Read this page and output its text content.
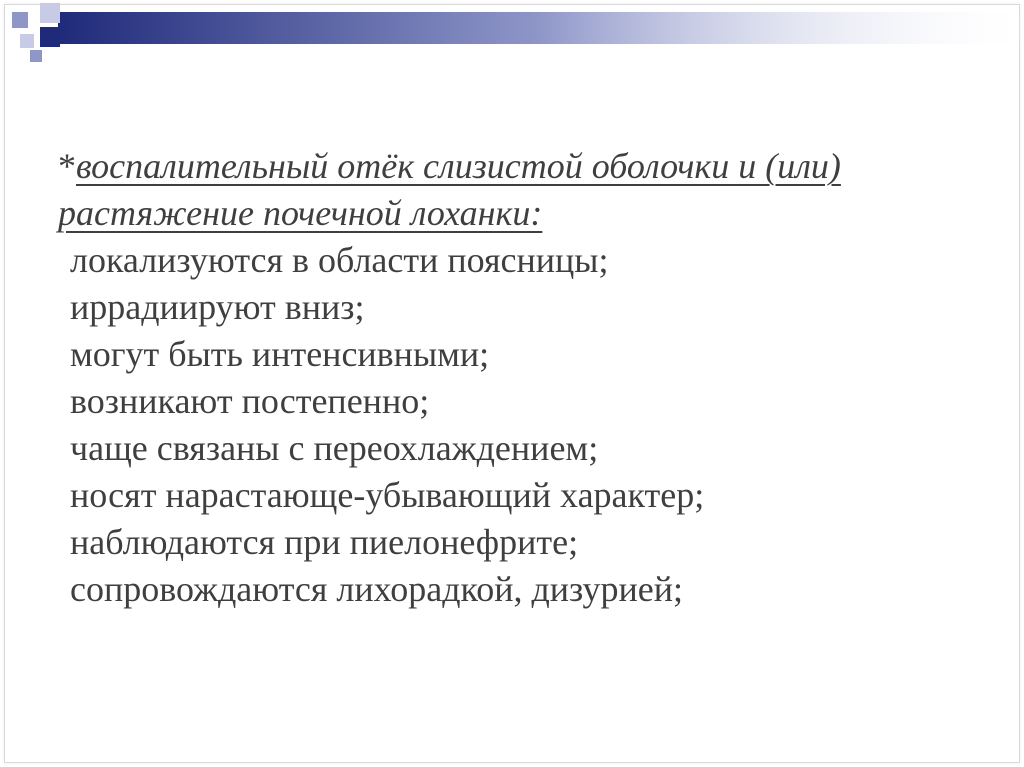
*воспалительный отёк слизистой оболочки и (или)
растяжение почечной лоханки:
локализуются в области поясницы;
иррадиируют вниз;
могут быть интенсивными;
возникают постепенно;
чаще связаны с переохлаждением;
носят нарастающе-убывающий характер;
наблюдаются при пиелонефрите;
сопровождаются лихорадкой, дизурией;
